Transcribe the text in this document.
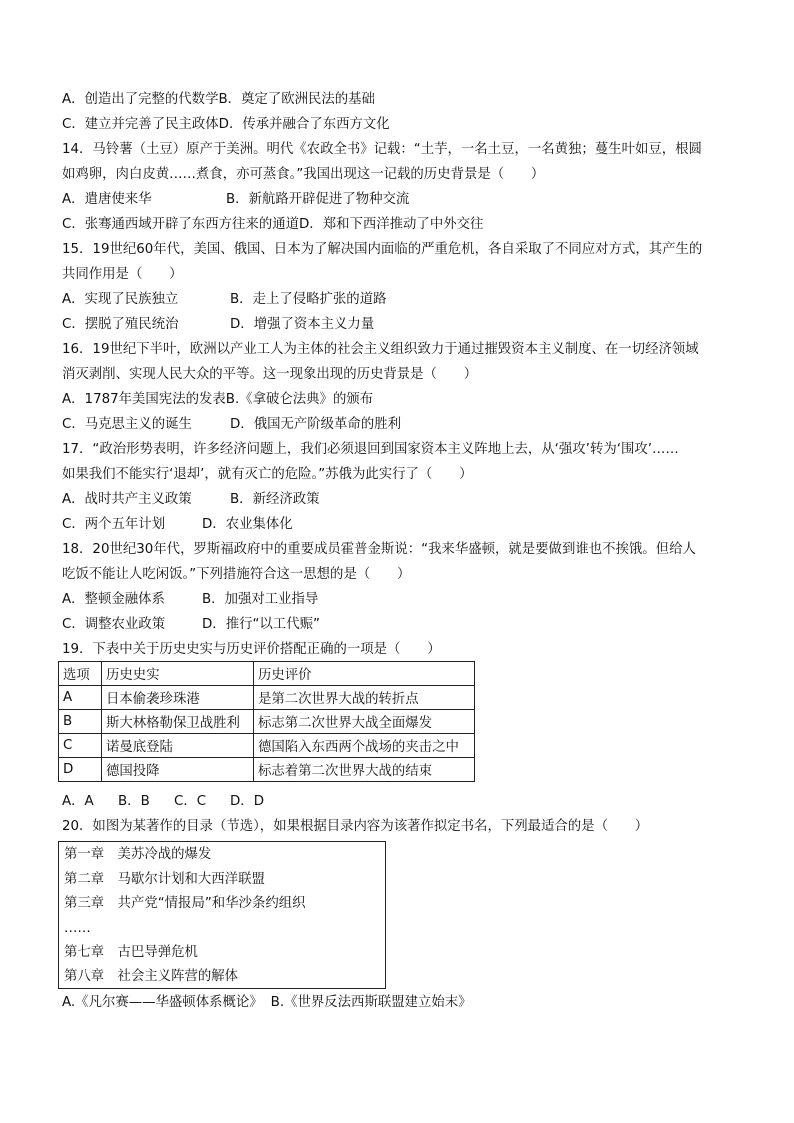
A．创造出了完整的代数学B．奠定了欧洲民法的基础
C．建立并完善了民主政体D．传承并融合了东西方文化
14．马铃薯（土豆）原产于美洲。明代《农政全书》记载：“土芋，一名土豆，一名黄独；蔓生叶如豆，根圆
如鸡卵，肉白皮黄……煮食，亦可蒸食。”我国出现这一记载的历史背景是（　　）
A．遣唐使来华	B．新航路开辟促进了物种交流
C．张骞通西域开辟了东西方往来的通道D．郑和下西洋推动了中外交往
15．19世纪60年代，美国、俄国、日本为了解决国内面临的严重危机，各自采取了不同应对方式，其产生的
共同作用是（　　）
A．实现了民族独立	B．走上了侵略扩张的道路
C．摆脱了殖民统治	D．增强了资本主义力量
16．19世纪下半叶，欧洲以产业工人为主体的社会主义组织致力于通过摧毁资本主义制度、在一切经济领域
消灭剥削、实现人民大众的平等。这一现象出现的历史背景是（　　）
A．1787年美国宪法的发表B.《拿破仑法典》的颁布
C．马克思主义的诞生	D．俄国无产阶级革命的胜利
17．“政治形势表明，许多经济问题上，我们必须退回到国家资本主义阵地上去，从‘强攻’转为‘围攻’……
如果我们不能实行‘退却’，就有灭亡的危险。”苏俄为此实行了（　　）
A．战时共产主义政策	B．新经济政策
C．两个五年计划	D．农业集体化
18．20世纪30年代，罗斯福政府中的重要成员霍普金斯说：“我来华盛顿，就是要做到谁也不挨饿。但给人
吃饭不能让人吃闲饭。”下列措施符合这一思想的是（　　）
A．整顿金融体系	B．加强对工业指导
C．调整农业政策	D．推行“以工代赈”
19．下表中关于历史史实与历史评价搭配正确的一项是（　　）
选项	历史史实	历史评价
A	日本偷袭珍珠港	是第二次世界大战的转折点
B	斯大林格勒保卫战胜利	标志第二次世界大战全面爆发
C	诺曼底登陆	德国陷入东西两个战场的夹击之中
D	德国投降	标志着第二次世界大战的结束
A．A B．B C．C D．D
20．如图为某著作的目录（节选），如果根据目录内容为该著作拟定书名，下列最适合的是（　　）
第一章　美苏冷战的爆发
第二章　马歇尔计划和大西洋联盟
第三章　共产党“情报局”和华沙条约组织
……
第七章　古巴导弹危机
第八章　社会主义阵营的解体
A.《凡尔赛——华盛顿体系概论》 B.《世界反法西斯联盟建立始末》
